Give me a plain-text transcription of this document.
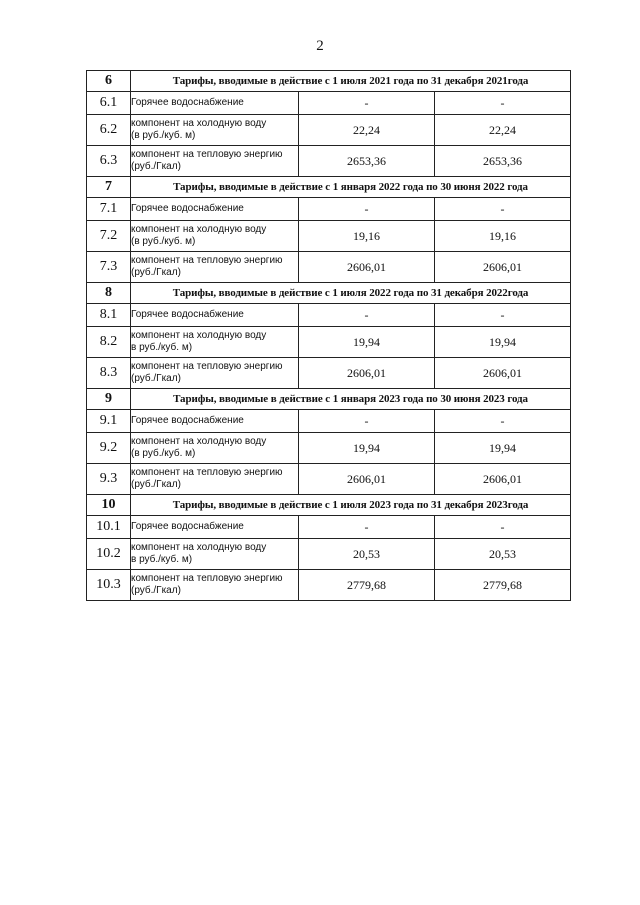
2
6	Тарифы, вводимые в действие с 1 июля 2021 года по 31 декабря 2021года		
6.1	Горячее водоснабжение	-	-
6.2	компонент на холодную воду
(в руб./куб. м)	22,24	22,24
6.3	компонент на тепловую энергию
(руб./Гкал)	2653,36	2653,36
7	Тарифы, вводимые в действие с 1 января 2022 года по 30 июня 2022 года		
7.1	Горячее водоснабжение	-	-
7.2	компонент на холодную воду
(в руб./куб. м)	19,16	19,16
7.3	компонент на тепловую энергию
(руб./Гкал)	2606,01	2606,01
8	Тарифы, вводимые в действие с 1 июля 2022 года по 31 декабря 2022года		
8.1	Горячее водоснабжение	-	-
8.2	компонент на холодную воду
в руб./куб. м)	19,94	19,94
8.3	компонент на тепловую энергию
(руб./Гкал)	2606,01	2606,01
9	Тарифы, вводимые в действие с 1 января 2023 года по 30 июня 2023 года		
9.1	Горячее водоснабжение	-	-
9.2	компонент на холодную воду
(в руб./куб. м)	19,94	19,94
9.3	компонент на тепловую энергию
(руб./Гкал)	2606,01	2606,01
10	Тарифы, вводимые в действие с 1 июля 2023 года по 31 декабря 2023года		
10.1	Горячее водоснабжение	-	-
10.2	компонент на холодную воду
в руб./куб. м)	20,53	20,53
10.3	компонент на тепловую энергию
(руб./Гкал)	2779,68	2779,68
